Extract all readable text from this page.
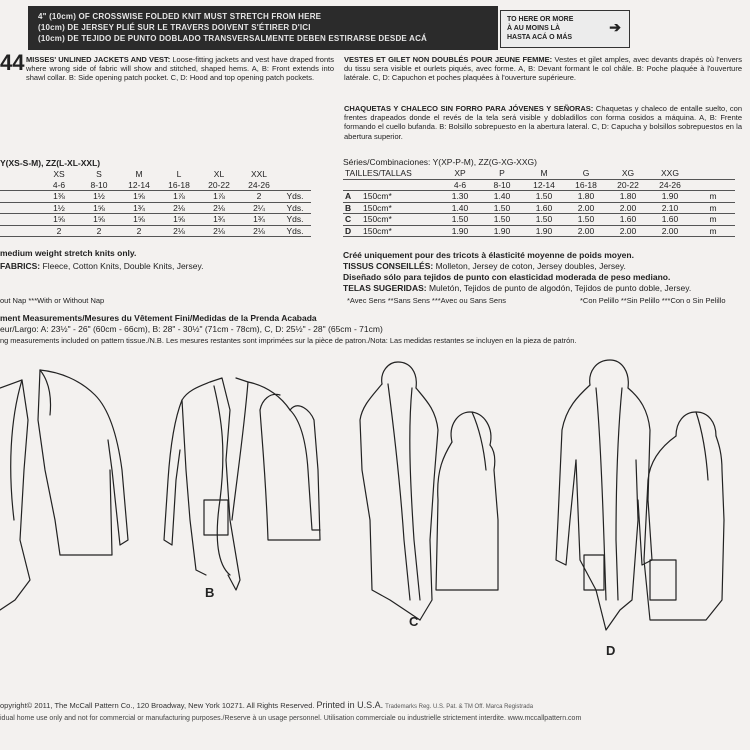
4" (10cm) OF CROSSWISE FOLDED KNIT MUST STRETCH FROM HERE
(10cm) DE JERSEY PLIÉ SUR LE TRAVERS DOIVENT S'ÉTIRER D'ICI
(10cm) DE TEJIDO DE PUNTO DOBLADO TRANSVERSALMENTE DEBEN ESTIRARSE DESDE ACÁ
TO HERE OR MORE
À AU MOINS LÀ
HASTA ACÁ O MÁS
➔
44 MISSES' UNLINED JACKETS AND VEST: Loose-fitting jackets and vest have draped fronts where wrong side of fabric will show and stitched, shaped hems. A, B: Front extends into shawl collar. B: Side opening patch pocket. C, D: Hood and top opening patch pockets.
VESTES ET GILET NON DOUBLÉS POUR JEUNE FEMME: Vestes et gilet amples, avec devants drapés où l'envers du tissu sera visible et ourlets piqués, avec forme. A, B: Devant formant le col châle. B: Poche plaquée à l'ouverture latérale. C, D: Capuchon et poches plaquées à l'ouverture supérieure.
CHAQUETAS Y CHALECO SIN FORRO PARA JÓVENES Y SEÑORAS: Chaquetas y chaleco de entalle suelto, con frentes drapeados donde el revés de la tela será visible y dobladillos con forma cosidos a máquina. A, B: Frente formando el cuello bufanda. B: Bolsillo sobrepuesto en la abertura lateral. C, D: Capucha y bolsillos sobrepuestos en la abertura superior.
Y(XS-S-M), ZZ(L-XL-XXL)
	XS	S	M	L	XL	XXL	
	4-6	8-10	12-14	16-18	20-22	24-26	
	1⅜	1½	1⅝	1⅞	1⅞	2	Yds.
	1½	1⅝	1¾	2⅛	2⅛	2¼	Yds.
	1⅝	1⅝	1⅝	1⅝	1¾	1¾	Yds.
	2	2	2	2⅛	2⅛	2⅛	Yds.
medium weight stretch knits only.
FABRICS: Fleece, Cotton Knits, Double Knits, Jersey.
out Nap ***With or Without Nap
Séries/Combinaciones: Y(XP-P-M), ZZ(G-XG-XXG)
TAILLES/TALLAS		XP	P	M	G	XG	XXG	
		4-6	8-10	12-14	16-18	20-22	24-26	
A	150cm*	1.30	1.40	1.50	1.80	1.80	1.90	m
B	150cm*	1.40	1.50	1.60	2.00	2.00	2.10	m
C	150cm*	1.50	1.50	1.50	1.50	1.60	1.60	m
D	150cm*	1.90	1.90	1.90	2.00	2.00	2.00	m
Créé uniquement pour des tricots à élasticité moyenne de poids moyen.
TISSUS CONSEILLÉS: Molleton, Jersey de coton, Jersey doubles, Jersey.
Diseñado sólo para tejidos de punto con elasticidad moderada de peso mediano.
TELAS SUGERIDAS: Muletón, Tejidos de punto de algodón, Tejidos de punto doble, Jersey.
*Avec Sens **Sans Sens ***Avec ou Sans Sens	*Con Pelillo **Sin Pelillo ***Con o Sin Pelillo
ment Measurements/Mesures du Vêtement Fini/Medidas de la Prenda Acabada
eur/Largo: A: 23½" - 26" (60cm - 66cm), B: 28" - 30½" (71cm - 78cm), C, D: 25½" - 28" (65cm - 71cm)
ng measurements included on pattern tissue./N.B. Les mesures restantes sont imprimées sur la pièce de patron./Nota: Las medidas restantes se incluyen en la pieza de patrón.
B
C
D
opyright© 2011, The McCall Pattern Co., 120 Broadway, New York 10271. All Rights Reserved. Printed in U.S.A. Trademarks Reg. U.S. Pat. & TM Off. Marca Registrada
idual home use only and not for commercial or manufacturing purposes./Reserve à un usage personnel. Utilisation commerciale ou industrielle strictement interdite. www.mccallpattern.com
